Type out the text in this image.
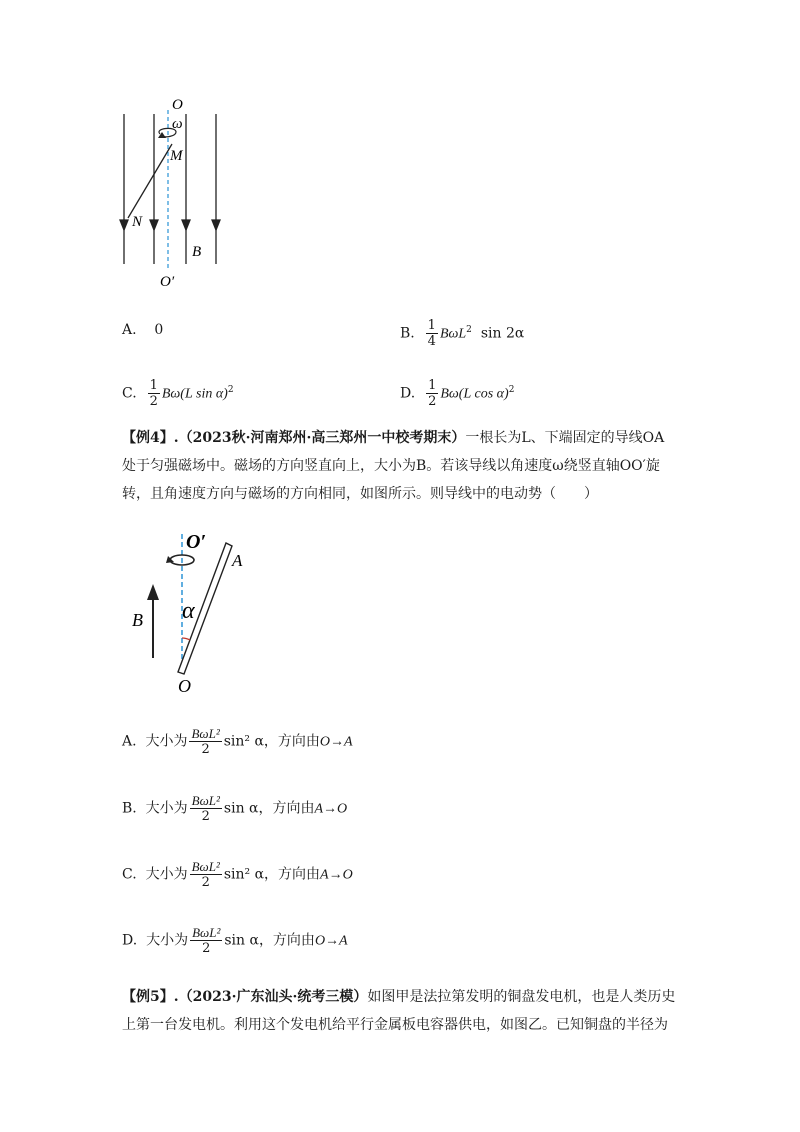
O
ω
M
N
B
O′
A. 0	B. $\frac{1}{4} B\omega L^2$ sin 2α
C. $\frac{1}{2} B\omega(L$ sin α)$^2$	D. $\frac{1}{2} B\omega(L$ cos α)$^2$
【例4】.（2023秋·河南郑州·高三郑州一中校考期末）一根长为L、下端固定的导线OA
处于匀强磁场中。磁场的方向竖直向上，大小为B。若该导线以角速度ω绕竖直轴OO′旋
转，且角速度方向与磁场的方向相同，如图所示。则导线中的电动势（　　）
O′
A
B α
O
A. 大小为 $\frac{\text{BωL²}}{2} \sin^2$ α，方向由O→A
B. 大小为 $\frac{\text{BωL²}}{2}$ sin α，方向由A→O
C. 大小为 $\frac{\text{BωL²}}{2} \sin^2$ α，方向由A→O
D. 大小为 $\frac{\text{BωL²}}{2}$ sin α，方向由O→A
【例5】.（2023·广东汕头·统考三模）如图甲是法拉第发明的铜盘发电机，也是人类历史
上第一台发电机。利用这个发电机给平行金属板电容器供电，如图乙。已知铜盘的半径为
